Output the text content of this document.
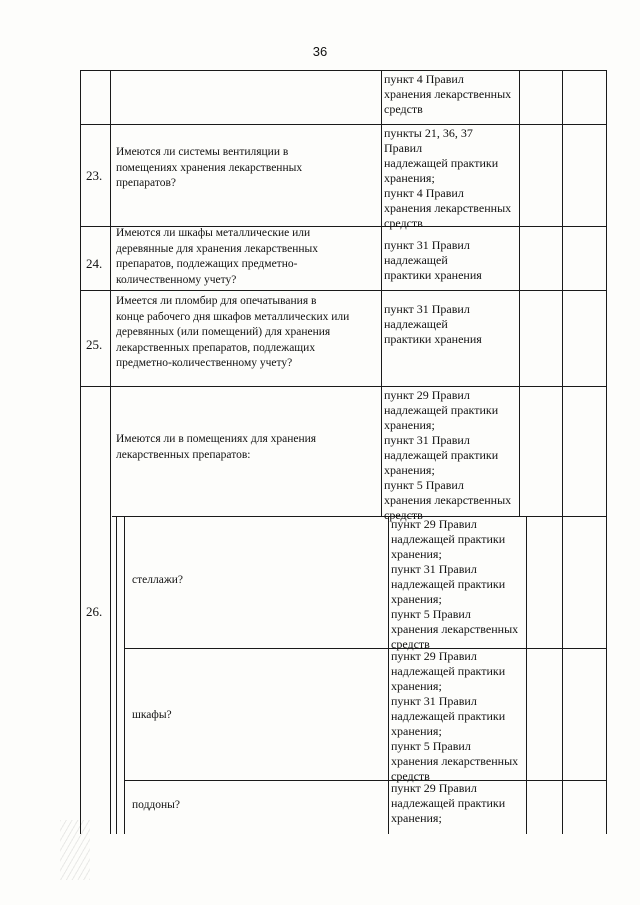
36
пункт 4 Правил
хранения лекарственных
средств
23.
Имеются ли системы вентиляции в
помещениях хранения лекарственных
препаратов?
пункты 21, 36, 37
Правил
надлежащей практики
хранения;
пункт 4 Правил
хранения лекарственных
средств
24.
Имеются ли шкафы металлические или
деревянные для хранения лекарственных
препаратов, подлежащих предметно-
количественному учету?
пункт 31 Правил
надлежащей
практики хранения
25.
Имеется ли пломбир для опечатывания в
конце рабочего дня шкафов металлических или
деревянных (или помещений) для хранения
лекарственных препаратов, подлежащих
предметно-количественному учету?
пункт 31 Правил
надлежащей
практики хранения
26.
Имеются ли в помещениях для хранения
лекарственных препаратов:
пункт 29 Правил
надлежащей практики
хранения;
пункт 31 Правил
надлежащей практики
хранения;
пункт 5 Правил
хранения лекарственных
средств
стеллажи?
пункт 29 Правил
надлежащей практики
хранения;
пункт 31 Правил
надлежащей практики
хранения;
пункт 5 Правил
хранения лекарственных
средств
шкафы?
пункт 29 Правил
надлежащей практики
хранения;
пункт 31 Правил
надлежащей практики
хранения;
пункт 5 Правил
хранения лекарственных
средств
поддоны?
пункт 29 Правил
надлежащей практики
хранения;
